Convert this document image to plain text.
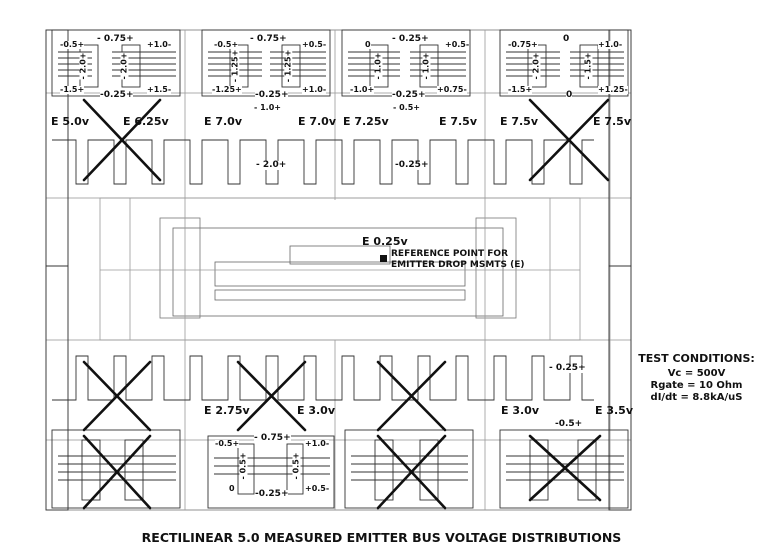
-0.5+
- 0.75+
+1.0-
-1.5+
-0.25+
+1.5-
- 2.0+	- 2.0+
-0.5+
- 0.75+
+0.5-
-1.25+
-0.25+
+1.0-
- 1.0+
- 1.25+	- 1.25+
0
- 0.25+
+0.5-
-1.0+
-0.25+
+0.75-
- 0.5+
- 1.0+	- 1.0+
-0.75+
0
+1.0-
-1.5+
0
+1.25-
- 2.0+	- 1.5+
E 5.0v	E 6.25v	E 7.0v	E 7.0v E 7.25v	E 7.5v E 7.5v	E 7.5v
- 2.0+	-0.25+
E 0.25v
REFERENCE POINT FOR
EMITTER DROP MSMTS (E)
- 0.25+
-0.5+
E 2.75v	E 3.0v	E 3.0v	E 3.5v
-0.5+
- 0.75+
+1.0-
0
-0.25+
+0.5-
- 0.5+	- 0.5+
TEST CONDITIONS:
Vc = 500V
Rgate = 10 Ohm
dI/dt = 8.8kA/uS
RECTILINEAR 5.0 MEASURED EMITTER BUS VOLTAGE DISTRIBUTIONS
